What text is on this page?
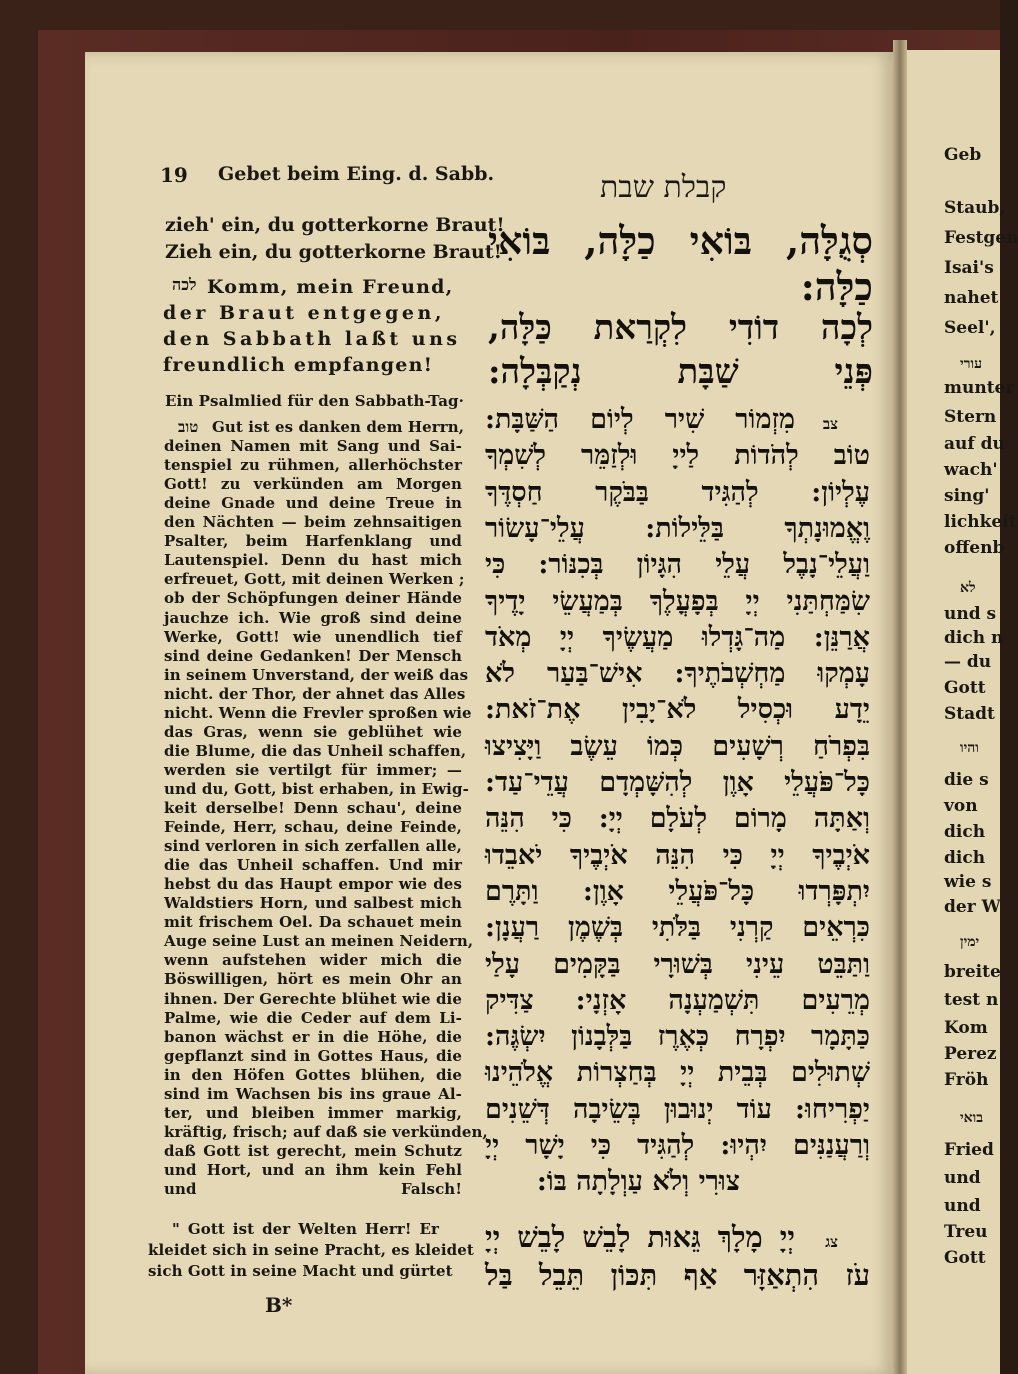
19 Gebet beim Eing. d. Sabb.	קבלת שבת
zieh' ein, du gotterkorne Braut!
Zieh ein, du gotterkorne Braut!
לכה Komm, mein Freund,
der Braut entgegen,
den Sabbath laßt uns
freundlich empfangen!
Ein Psalmlied für den Sabbath-Tag·
טוב Gut ist es danken dem Herrn,
deinen Namen mit Sang und Sai-
tenspiel zu rühmen, allerhöchster
Gott! zu verkünden am Morgen
deine Gnade und deine Treue in
den Nächten — beim zehnsaitigen
Psalter, beim Harfenklang und
Lautenspiel. Denn du hast mich
erfreuet, Gott, mit deinen Werken ;
ob der Schöpfungen deiner Hände
jauchze ich. Wie groß sind deine
Werke, Gott! wie unendlich tief
sind deine Gedanken! Der Mensch
in seinem Unverstand, der weiß das
nicht. der Thor, der ahnet das Alles
nicht. Wenn die Frevler sproßen wie
das Gras, wenn sie geblühet wie
die Blume, die das Unheil schaffen,
werden sie vertilgt für immer; —
und du, Gott, bist erhaben, in Ewig-
keit derselbe! Denn schau', deine
Feinde, Herr, schau, deine Feinde,
sind verloren in sich zerfallen alle,
die das Unheil schaffen. Und mir
hebst du das Haupt empor wie des
Waldstiers Horn, und salbest mich
mit frischem Oel. Da schauet mein
Auge seine Lust an meinen Neidern,
wenn aufstehen wider mich die
Böswilligen, hört es mein Ohr an
ihnen. Der Gerechte blühet wie die
Palme, wie die Ceder auf dem Li-
banon wächst er in die Höhe, die
gepflanzt sind in Gottes Haus, die
in den Höfen Gottes blühen, die
sind im Wachsen bis ins graue Al-
ter, und bleiben immer markig,
kräftig, frisch; auf daß sie verkünden,
daß Gott ist gerecht, mein Schutz
und Hort, und an ihm kein Fehl
und Falsch!
" Gott ist der Welten Herr! Er
kleidet sich in seine Pracht, es kleidet
sich Gott in seine Macht und gürtet
סְגֻלָּה, בּוֹאִי כַלָּה, בּוֹאִי
כַלָּה:
לְכָה דוֹדִי לִקְרַאת כַּלָּה,
פְּנֵי שַׁבָּת נְקַבְּלָה:
צב
מִזְמוֹר שִׁיר לְיוֹם הַשַּׁבָּת:
טוֹב לְהֹדוֹת לַייָ וּלְזַמֵּר לְשִׁמְךָ
עֶלְיוֹן: לְהַגִּיד בַּבֹּקֶר חַסְדֶּךָ
וֶאֱמוּנָתְךָ בַּלֵּילוֹת: עֲלֵי־עָשׂוֹר
וַעֲלֵי־נָבֶל עֲלֵי הִגָּיוֹן בְּכִנּוֹר: כִּי
שִׂמַּחְתַּנִי יְיָ בְּפָעֳלֶךָ בְּמַעֲשֵׂי יָדֶיךָ
אֲרַנֵּן: מַה־גָּדְלוּ מַעֲשֶׂיךָ יְיָ מְאֹד
עָמְקוּ מַחְשְׁבֹתֶיךָ: אִישׁ־בַּעַר לֹא
יֵדָע וּכְסִיל לֹא־יָבִין אֶת־זֹאת:
בִּפְרֹחַ רְשָׁעִים כְּמוֹ עֵשֶׂב וַיָּצִיצוּ
כָּל־פֹּעֲלֵי אָוֶן לְהִשָּׁמְדָם עֲדֵי־עַד:
וְאַתָּה מָרוֹם לְעֹלָם יְיָ: כִּי הִנֵּה
אֹיְבֶיךָ יְיָ כִּי הִנֵּה אֹיְבֶיךָ יֹאבֵדוּ
יִתְפָּרְדוּ כָּל־פֹּעֲלֵי אָוֶן: וַתָּרֶם
כִּרְאֵים קַרְנִי בַּלֹּתִי בְּשֶׁמֶן רַעֲנָן:
וַתַּבֵּט עֵינִי בְּשׁוּרָי בַּקָּמִים עָלַי
מְרֵעִים תִּשְׁמַעְנָה אָזְנָי: צַדִּיק
כַּתָּמָר יִפְרָח כְּאֶרֶז בַּלְּבָנוֹן יִשְׂגֶּה:
שְׁתוּלִים בְּבֵית יְיָ בְּחַצְרוֹת אֱלֹהֵינוּ
יַפְרִיחוּ: עוֹד יְנוּבוּן בְּשֵׂיבָה דְּשֵׁנִים
וְרַעֲנַנִּים יִהְיוּ: לְהַגִּיד כִּי יָשָׁר יְיָ
צוּרִי וְלֹא עַוְלָתָה בּוֹ:
צג
יְיָ מָלָךְ גֵּאוּת לָבֵשׁ לָבֵשׁ יְיָ
עֹז הִתְאַזָּר אַף תִּכּוֹן תֵּבֵל בַּל
Geb
Staub,
Festgen
Isai's
nahet
Seel',
עורי
munter
Stern
auf du
wach'
sing'
lichkeit
offenb
לא
und s
dich n
— du
Gott
Stadt
והיו
die s
von
dich
dich
wie s
der W
ימין
breite
test n
Kom
Perez
Fröh
בואי
Fried
und
und
Treu
Gott
B*
